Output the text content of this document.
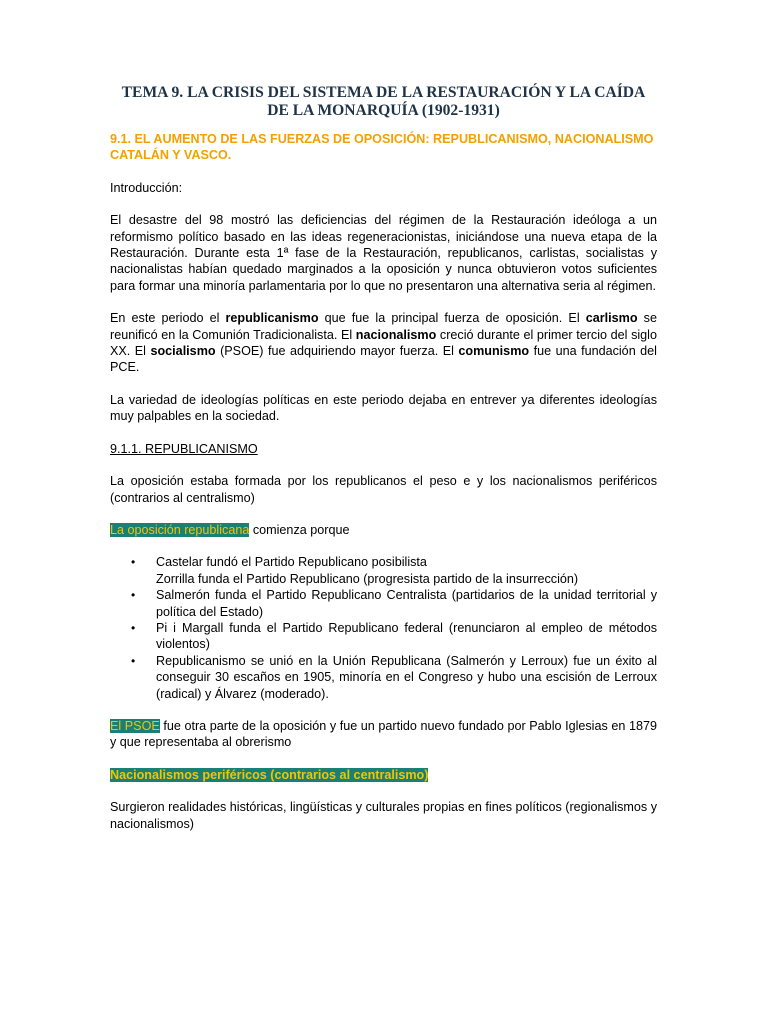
TEMA 9. LA CRISIS DEL SISTEMA DE LA RESTAURACIÓN Y LA CAÍDA DE LA MONARQUÍA (1902-1931)
9.1. EL AUMENTO DE LAS FUERZAS DE OPOSICIÓN: REPUBLICANISMO, NACIONALISMO CATALÁN Y VASCO.

Introducción:

El desastre del 98 mostró las deficiencias del régimen de la Restauración ideóloga a un reformismo político basado en las ideas regeneracionistas, iniciándose una nueva etapa de la Restauración. Durante esta 1ª fase de la Restauración, republicanos, carlistas, socialistas y nacionalistas habían quedado marginados a la oposición y nunca obtuvieron votos suficientes para formar una minoría parlamentaria por lo que no presentaron una alternativa seria al régimen.

En este periodo el republicanismo que fue la principal fuerza de oposición. El carlismo se reunificó en la Comunión Tradicionalista. El nacionalismo creció durante el primer tercio del siglo XX. El socialismo (PSOE) fue adquiriendo mayor fuerza. El comunismo fue una fundación del PCE.

La variedad de ideologías políticas en este periodo dejaba en entrever ya diferentes ideologías muy palpables en la sociedad.

9.1.1. REPUBLICANISMO

La oposición estaba formada por los republicanos el peso e y los nacionalismos periféricos (contrarios al centralismo)

La oposición republicana comienza porque

• Castelar fundó el Partido Republicano posibilista
Zorrilla funda el Partido Republicano (progresista partido de la insurrección)
• Salmerón funda el Partido Republicano Centralista (partidarios de la unidad territorial y política del Estado)
• Pi i Margall funda el Partido Republicano federal (renunciaron al empleo de métodos violentos)
• Republicanismo se unió en la Unión Republicana (Salmerón y Lerroux) fue un éxito al conseguir 30 escaños en 1905, minoría en el Congreso y hubo una escisión de Lerroux (radical) y Álvarez (moderado).

El PSOE fue otra parte de la oposición y fue un partido nuevo fundado por Pablo Iglesias en 1879 y que representaba al obrerismo

Nacionalismos periféricos (contrarios al centralismo)

Surgieron realidades históricas, lingüísticas y culturales propias en fines políticos (regionalismos y nacionalismos)
